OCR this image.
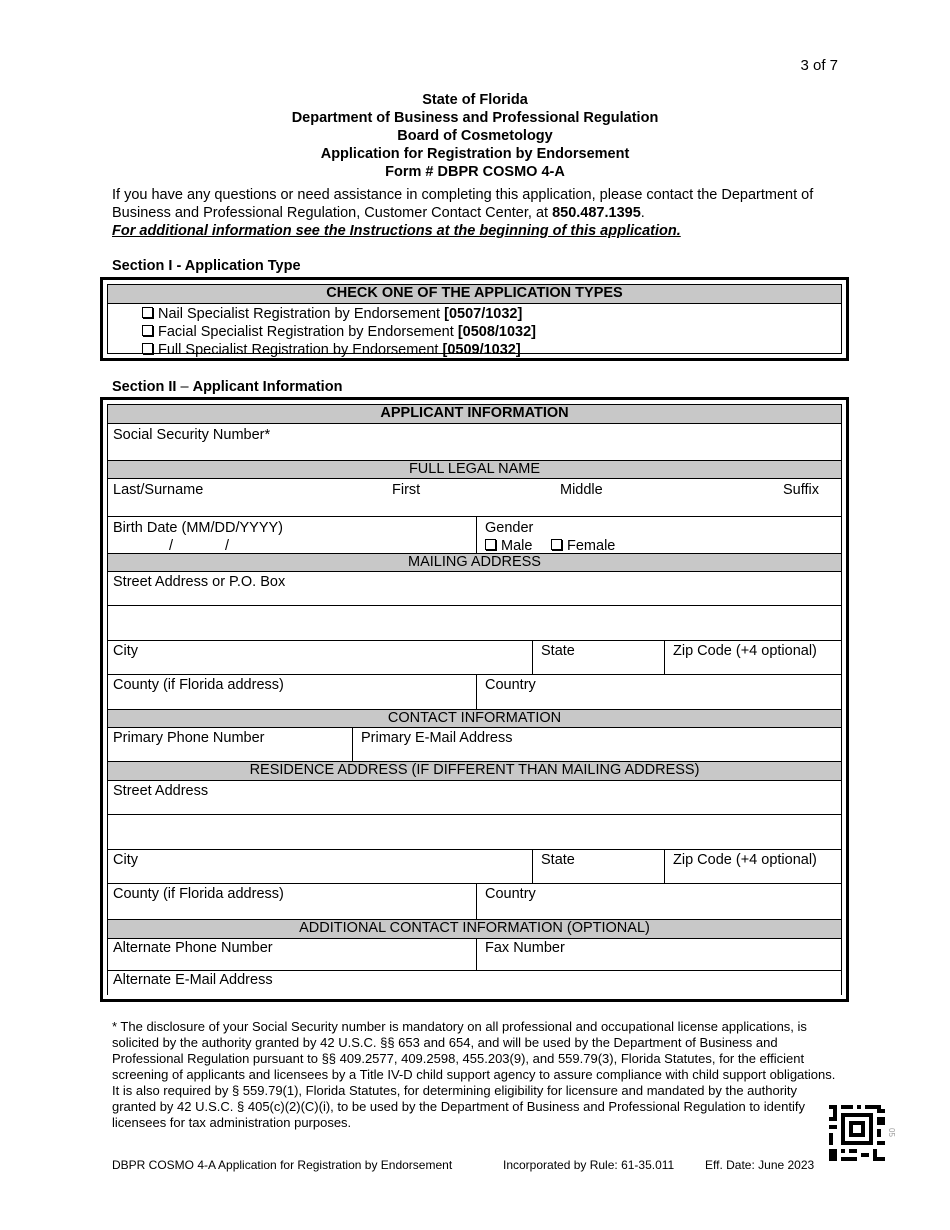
3 of 7
State of Florida
Department of Business and Professional Regulation
Board of Cosmetology
Application for Registration by Endorsement
Form # DBPR COSMO 4-A
If you have any questions or need assistance in completing this application, please contact the Department of Business and Professional Regulation, Customer Contact Center, at 850.487.1395.
For additional information see the Instructions at the beginning of this application.
Section I - Application Type
CHECK ONE OF THE APPLICATION TYPES
Nail Specialist Registration by Endorsement [0507/1032]
Facial Specialist Registration by Endorsement [0508/1032]
Full Specialist Registration by Endorsement [0509/1032]
Section II – Applicant Information
APPLICANT INFORMATION
Social Security Number*
FULL LEGAL NAME
Last/Surname	First	Middle	Suffix
Birth Date (MM/DD/YYYY)
/	/
Gender
Male	Female
MAILING ADDRESS
Street Address or P.O. Box
City	State	Zip Code (+4 optional)
County (if Florida address)	Country
CONTACT INFORMATION
Primary Phone Number	Primary E-Mail Address
RESIDENCE ADDRESS (IF DIFFERENT THAN MAILING ADDRESS)
Street Address
City	State	Zip Code (+4 optional)
County (if Florida address)	Country
ADDITIONAL CONTACT INFORMATION (OPTIONAL)
Alternate Phone Number	Fax Number
Alternate E-Mail Address
* The disclosure of your Social Security number is mandatory on all professional and occupational license applications, is solicited by the authority granted by 42 U.S.C. §§ 653 and 654, and will be used by the Department of Business and Professional Regulation pursuant to §§ 409.2577, 409.2598, 455.203(9), and 559.79(3), Florida Statutes, for the efficient screening of applicants and licensees by a Title IV-D child support agency to assure compliance with child support obligations. It is also required by § 559.79(1), Florida Statutes, for determining eligibility for licensure and mandated by the authority granted by 42 U.S.C. § 405(c)(2)(C)(i), to be used by the Department of Business and Professional Regulation to identify licensees for tax administration purposes.
DBPR COSMO 4-A Application for Registration by Endorsement	Incorporated by Rule: 61-35.011	Eff. Date: June 2023
05
